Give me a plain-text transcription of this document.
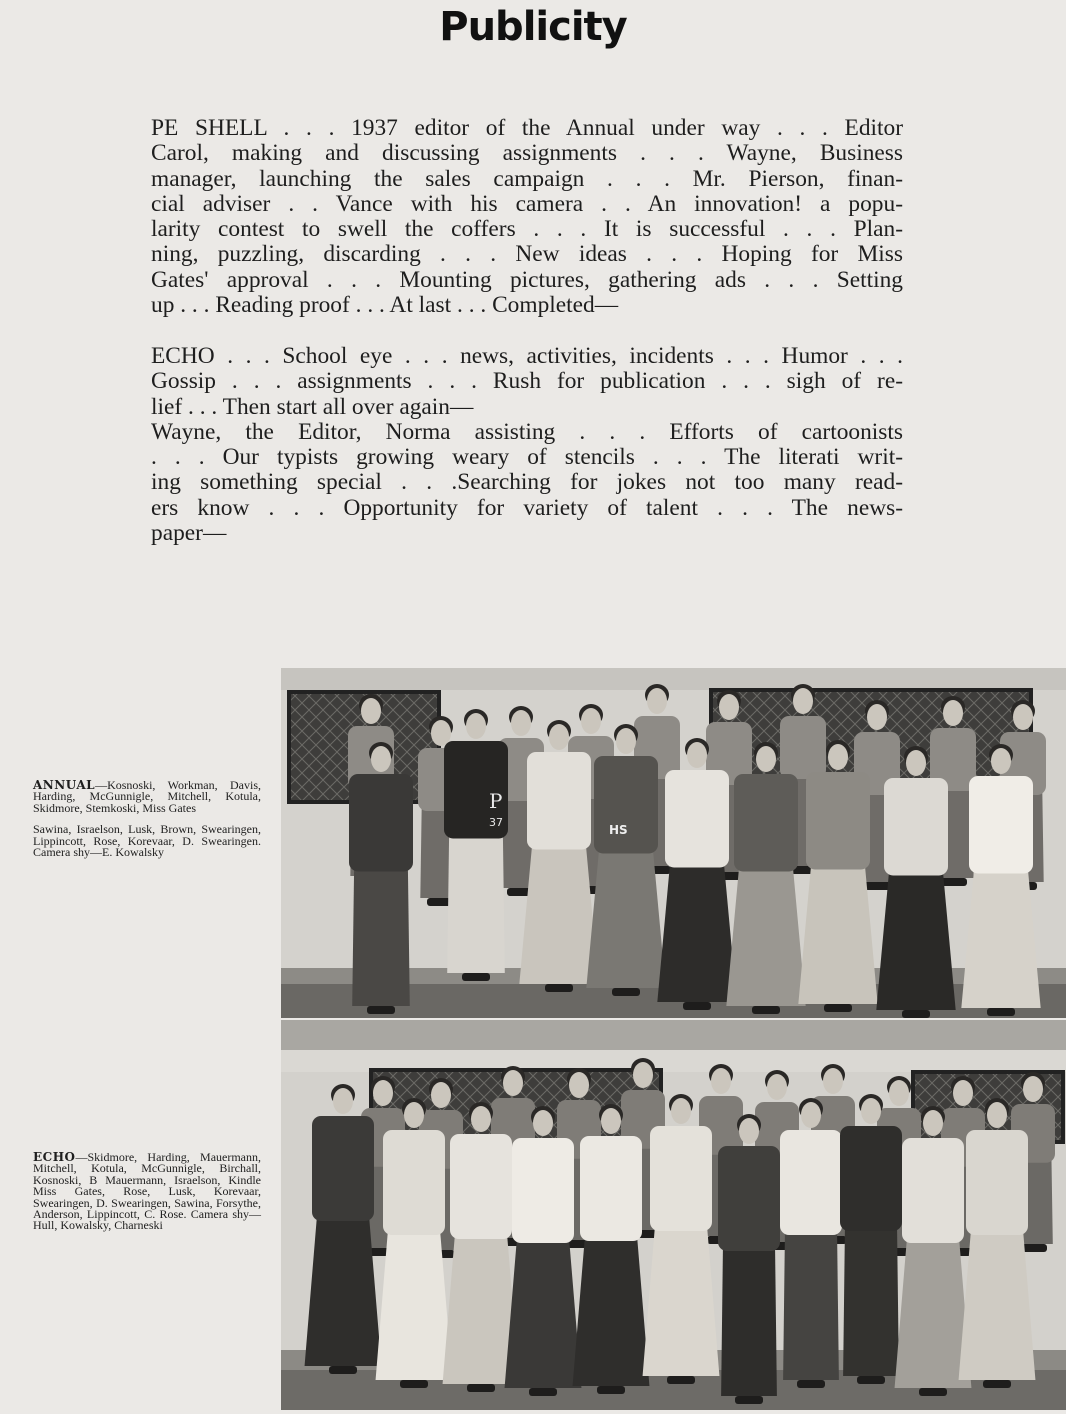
Publicity
PE SHELL . . . 1937 editor of the Annual under way . . . Editor
Carol, making and discussing assignments . . . Wayne, Business
manager, launching the sales campaign . . . Mr. Pierson, finan-
cial adviser . . Vance with his camera . . An innovation! a popu-
larity contest to swell the coffers . . . It is successful . . . Plan-
ning, puzzling, discarding . . . New ideas . . . Hoping for Miss
Gates' approval . . . Mounting pictures, gathering ads . . . Setting
up . . . Reading proof . . . At last . . . Completed—
ECHO . . . School eye . . . news, activities, incidents . . . Humor . . .
Gossip . . . assignments . . . Rush for publication . . . sigh of re-
lief . . . Then start all over again—
Wayne, the Editor, Norma assisting . . . Efforts of cartoonists
. . . Our typists growing weary of stencils . . . The literati writ-
ing something special . . .Searching for jokes not too many read-
ers know . . . Opportunity for variety of talent . . . The news-
paper—

ANNUAL—Kosnoski, Workman, Davis, Harding, McGunnigle, Mitchell, Kotula, Skidmore, Stemkoski, Miss Gates

Sawina, Israelson, Lusk, Brown, Swearingen, Lippincott, Rose, Korevaar, D. Swearingen. Camera shy—E. Kowalsky

ECHO—Skidmore, Harding, Mauermann, Mitchell, Kotula, McGunnigle, Birchall, Kosnoski, B Mauermann, Israelson, Kindle Miss Gates, Rose, Lusk, Korevaar, Swearingen, D. Swearingen, Sawina, Forsythe, Anderson, Lippincott, C. Rose. Camera shy—Hull, Kowalsky, Charneski

P
37
HS
